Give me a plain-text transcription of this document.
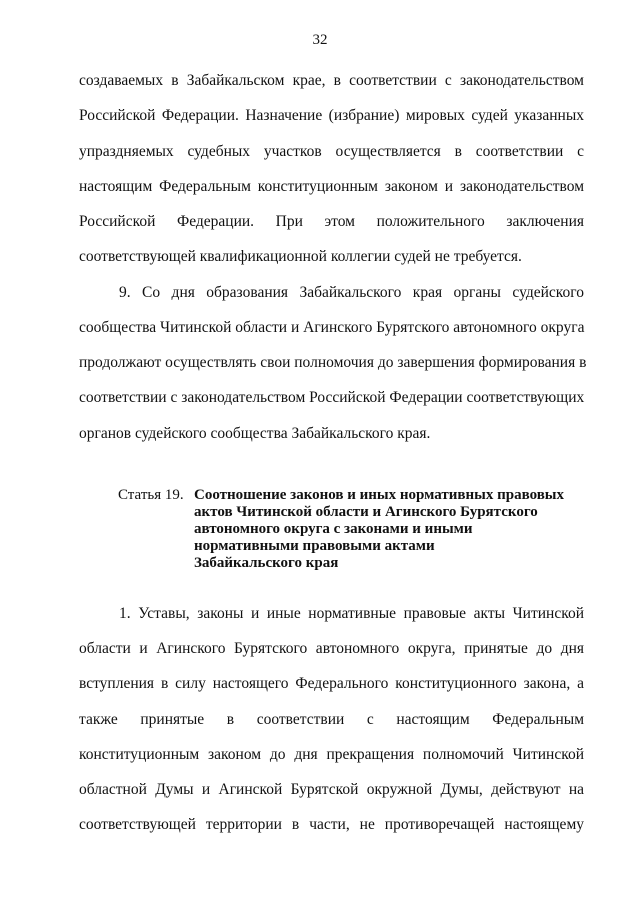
32
создаваемых в Забайкальском крае, в соответствии с законодательством
Российской Федерации. Назначение (избрание) мировых судей указанных
упраздняемых судебных участков осуществляется в соответствии с
настоящим Федеральным конституционным законом и законодательством
Российской Федерации. При этом положительного заключения
соответствующей квалификационной коллегии судей не требуется.
9. Со дня образования Забайкальского края органы судейского
сообщества Читинской области и Агинского Бурятского автономного округа
продолжают осуществлять свои полномочия до завершения формирования в
соответствии с законодательством Российской Федерации соответствующих
органов судейского сообщества Забайкальского края.
Статья 19. Соотношение законов и иных нормативных правовых
актов Читинской области и Агинского Бурятского
автономного округа с законами и иными
нормативными правовыми актами
Забайкальского края
1. Уставы, законы и иные нормативные правовые акты Читинской
области и Агинского Бурятского автономного округа, принятые до дня
вступления в силу настоящего Федерального конституционного закона, а
также принятые в соответствии с настоящим Федеральным
конституционным законом до дня прекращения полномочий Читинской
областной Думы и Агинской Бурятской окружной Думы, действуют на
соответствующей территории в части, не противоречащей настоящему
